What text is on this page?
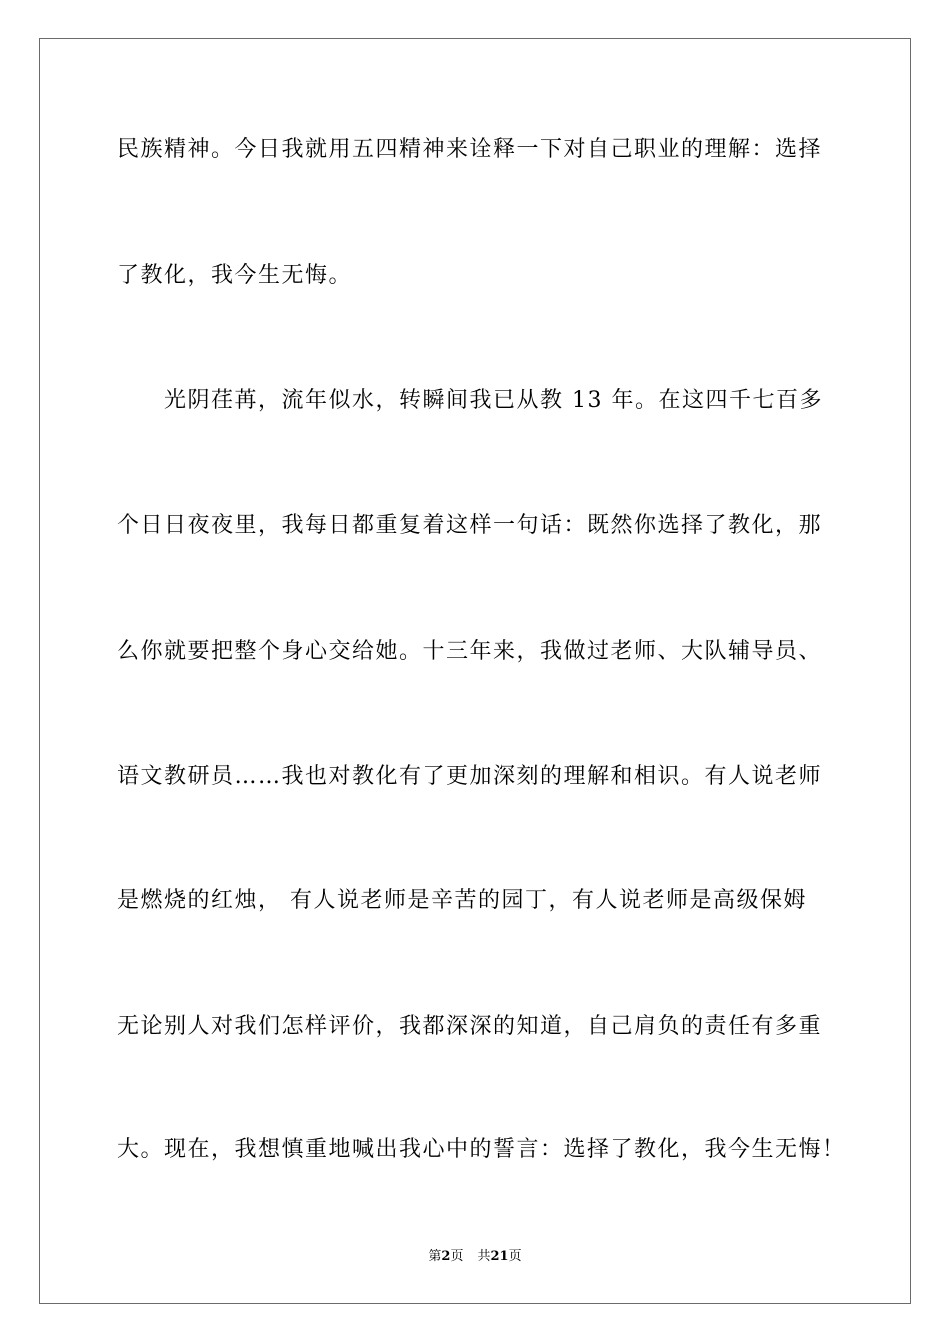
民族精神。今日我就用五四精神来诠释一下对自己职业的理解：选择
了教化，我今生无悔。
　　光阴荏苒，流年似水，转瞬间我已从教 13 年。在这四千七百多
个日日夜夜里，我每日都重复着这样一句话：既然你选择了教化，那
么你就要把整个身心交给她。十三年来，我做过老师、大队辅导员、
语文教研员……我也对教化有了更加深刻的理解和相识。有人说老师
是燃烧的红烛， 有人说老师是辛苦的园丁，有人说老师是高级保姆
无论别人对我们怎样评价，我都深深的知道，自己肩负的责任有多重
大。现在，我想慎重地喊出我心中的誓言：选择了教化，我今生无悔！
第2页 共21页
